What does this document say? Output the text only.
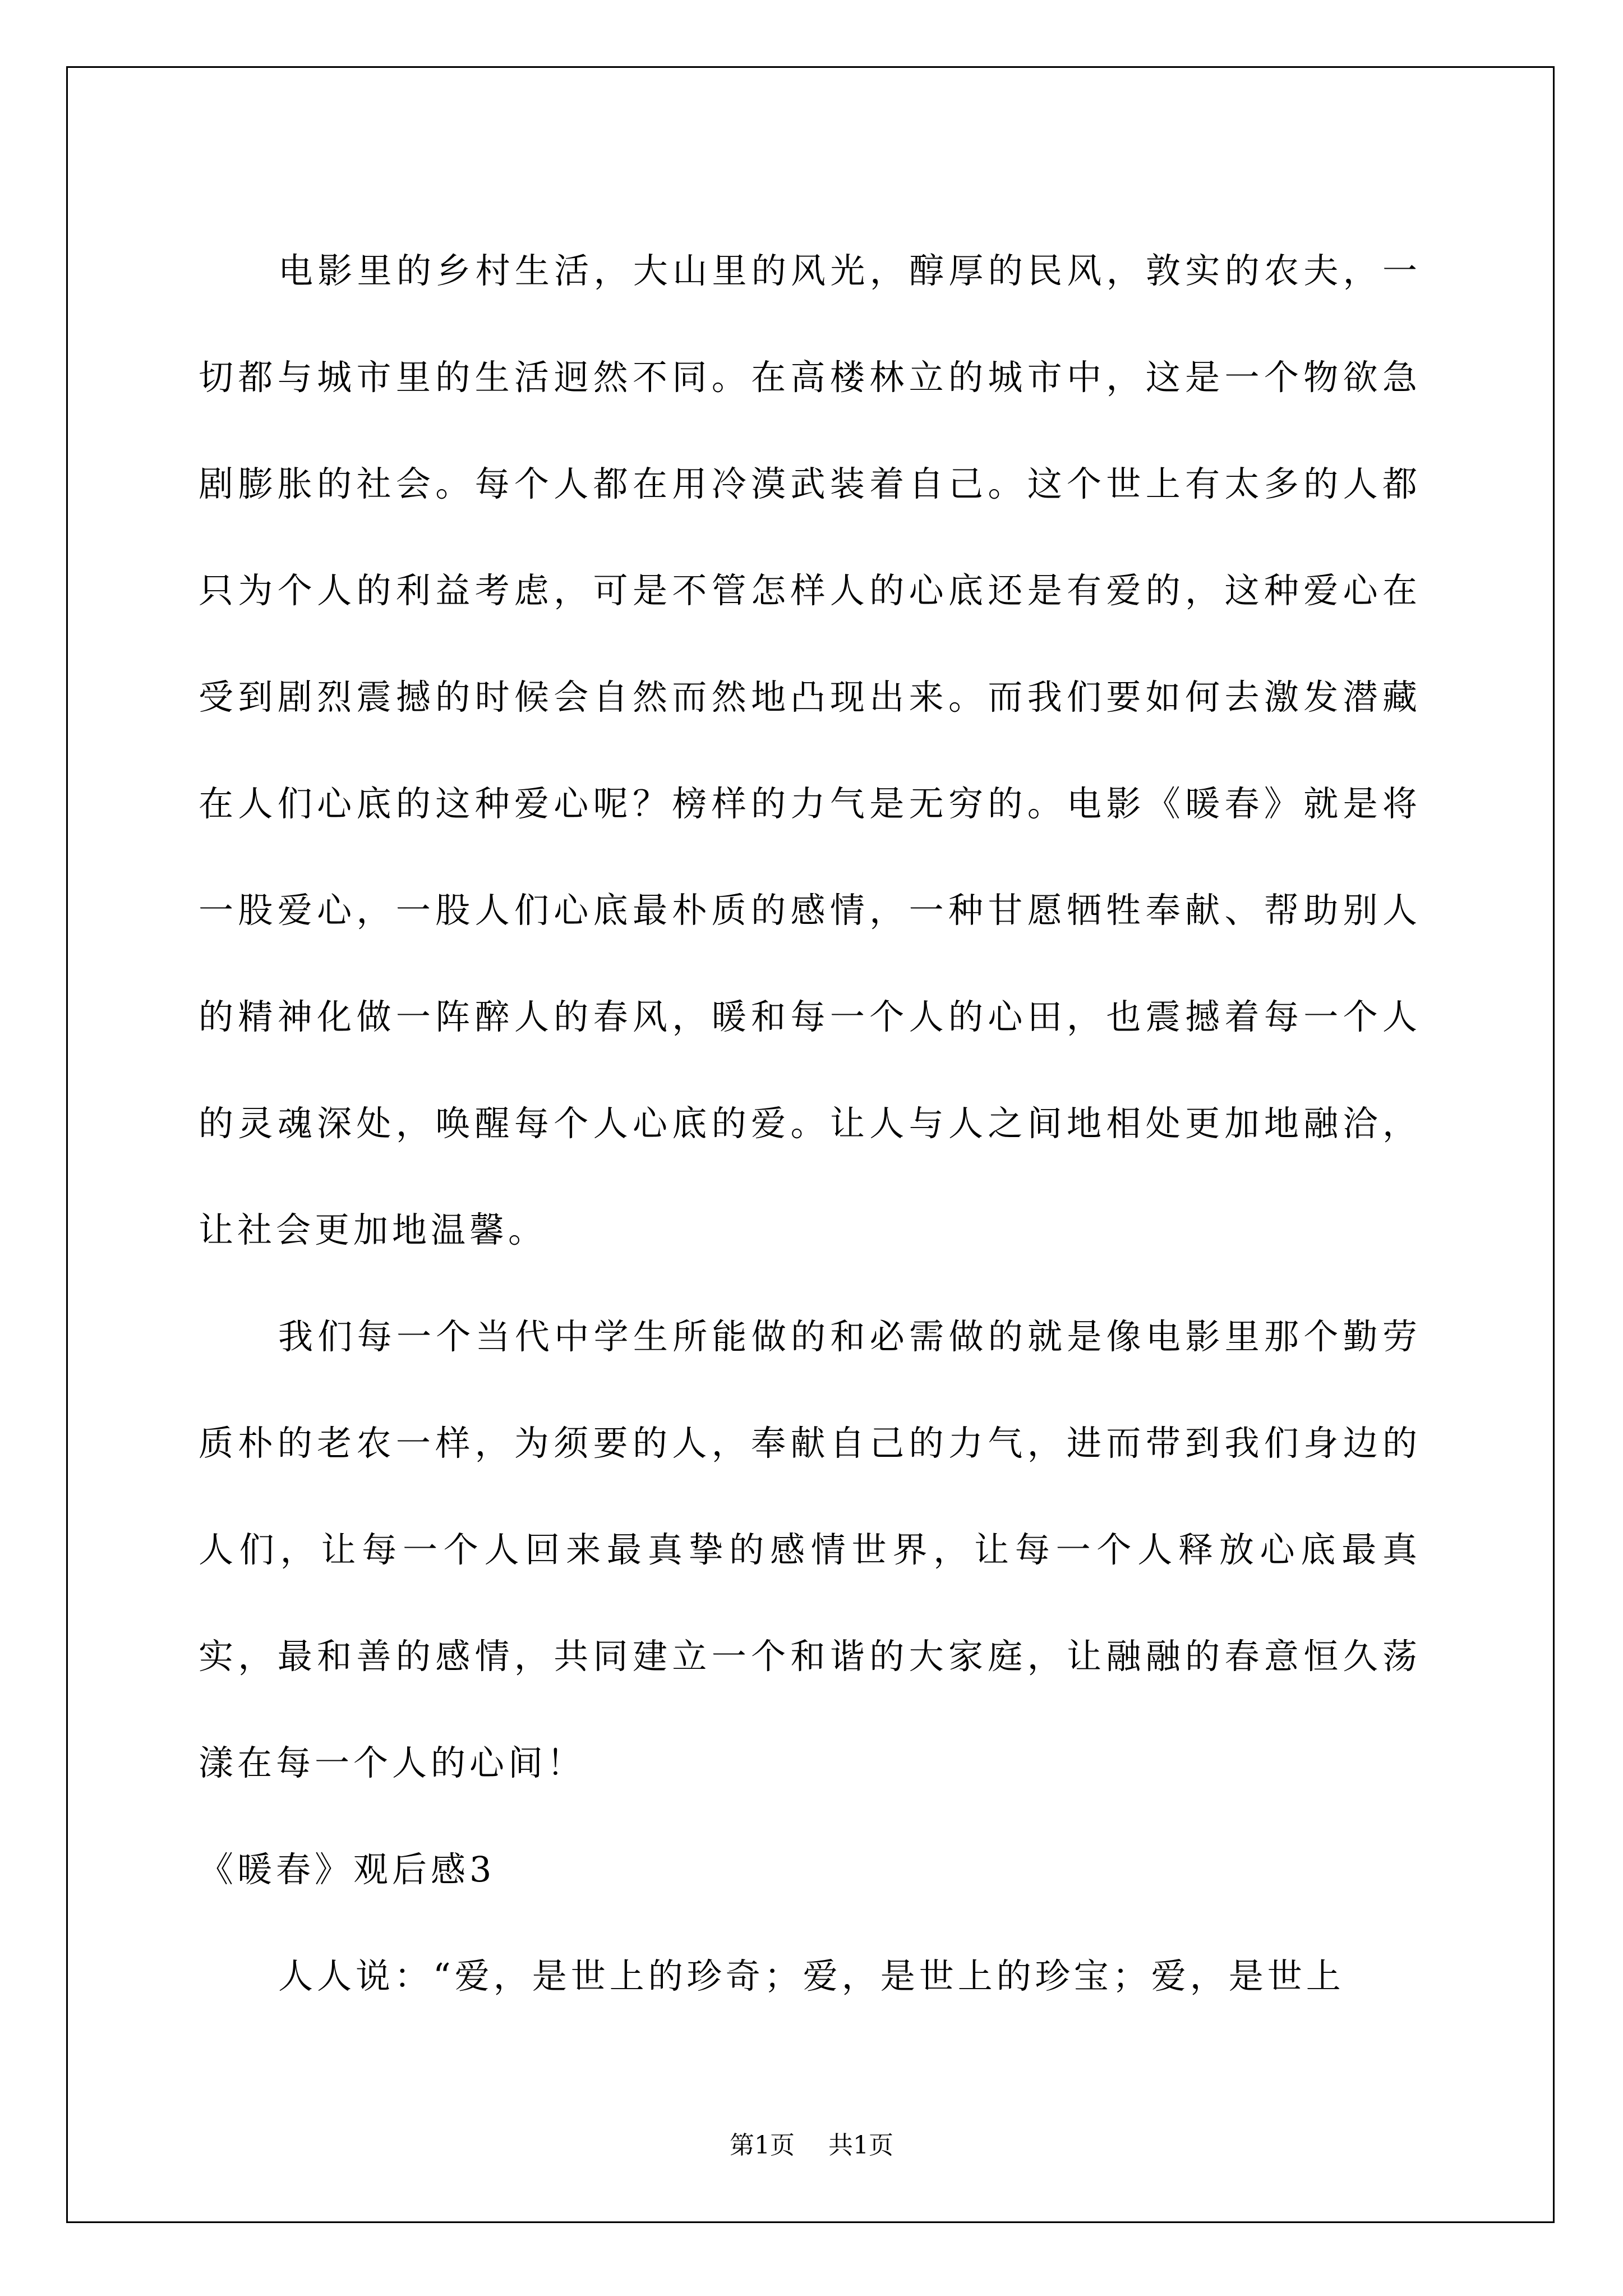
电影里的乡村生活，大山里的风光，醇厚的民风，敦实的农夫，一切都与城市里的生活迥然不同。在高楼林立的城市中，这是一个物欲急剧膨胀的社会。每个人都在用冷漠武装着自己。这个世上有太多的人都只为个人的利益考虑，可是不管怎样人的心底还是有爱的，这种爱心在受到剧烈震撼的时候会自然而然地凸现出来。而我们要如何去激发潜藏在人们心底的这种爱心呢？榜样的力气是无穷的。电影《暖春》就是将一股爱心，一股人们心底最朴质的感情，一种甘愿牺牲奉献、帮助别人的精神化做一阵醉人的春风，暖和每一个人的心田，也震撼着每一个人的灵魂深处，唤醒每个人心底的爱。让人与人之间地相处更加地融洽，让社会更加地温馨。

我们每一个当代中学生所能做的和必需做的就是像电影里那个勤劳质朴的老农一样，为须要的人，奉献自己的力气，进而带到我们身边的人们，让每一个人回来最真挚的感情世界，让每一个人释放心底最真实，最和善的感情，共同建立一个和谐的大家庭，让融融的春意恒久荡漾在每一个人的心间！

《暖春》观后感3

人人说：“爱，是世上的珍奇；爱，是世上的珍宝；爱，是世上

第1页 共1页
